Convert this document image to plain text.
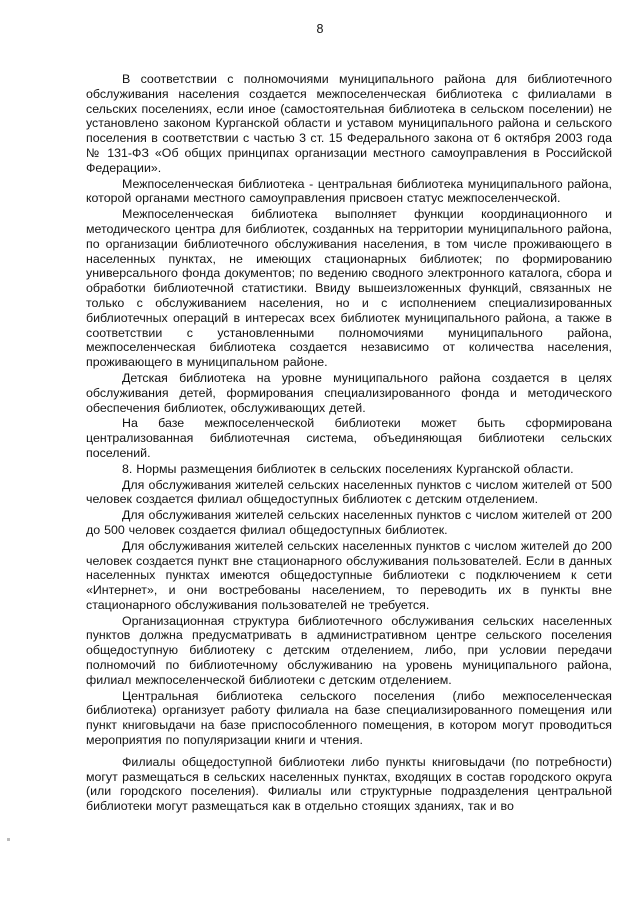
8

В соответствии с полномочиями муниципального района для библиотечного обслуживания населения создается межпоселенческая библиотека с филиалами в сельских поселениях, если иное (самостоятельная библиотека в сельском поселении) не установлено законом Курганской области и уставом муниципального района и сельского поселения в соответствии с частью 3 ст. 15 Федерального закона от 6 октября 2003 года № 131-ФЗ «Об общих принципах организации местного самоуправления в Российской Федерации».

Межпоселенческая библиотека - центральная библиотека муниципального района, которой органами местного самоуправления присвоен статус межпоселенческой.

Межпоселенческая библиотека выполняет функции координационного и методического центра для библиотек, созданных на территории муниципального района, по организации библиотечного обслуживания населения, в том числе проживающего в населенных пунктах, не имеющих стационарных библиотек; по формированию универсального фонда документов; по ведению сводного электронного каталога, сбора и обработки библиотечной статистики. Ввиду вышеизложенных функций, связанных не только с обслуживанием населения, но и с исполнением специализированных библиотечных операций в интересах всех библиотек муниципального района, а также в соответствии с установленными полномочиями муниципального района, межпоселенческая библиотека создается независимо от количества населения, проживающего в муниципальном районе.

Детская библиотека на уровне муниципального района создается в целях обслуживания детей, формирования специализированного фонда и методического обеспечения библиотек, обслуживающих детей.

На базе межпоселенческой библиотеки может быть сформирована централизованная библиотечная система, объединяющая библиотеки сельских поселений.

8. Нормы размещения библиотек в сельских поселениях Курганской области.

Для обслуживания жителей сельских населенных пунктов с числом жителей от 500 человек создается филиал общедоступных библиотек с детским отделением.

Для обслуживания жителей сельских населенных пунктов с числом жителей от 200 до 500 человек создается филиал общедоступных библиотек.

Для обслуживания жителей сельских населенных пунктов с числом жителей до 200 человек создается пункт вне стационарного обслуживания пользователей. Если в данных населенных пунктах имеются общедоступные библиотеки с подключением к сети «Интернет», и они востребованы населением, то переводить их в пункты вне стационарного обслуживания пользователей не требуется.

Организационная структура библиотечного обслуживания сельских населенных пунктов должна предусматривать в административном центре сельского поселения общедоступную библиотеку с детским отделением, либо, при условии передачи полномочий по библиотечному обслуживанию на уровень муниципального района, филиал межпоселенческой библиотеки с детским отделением.

Центральная библиотека сельского поселения (либо межпоселенческая библиотека) организует работу филиала на базе специализированного помещения или пункт книговыдачи на базе приспособленного помещения, в котором могут проводиться мероприятия по популяризации книги и чтения.

Филиалы общедоступной библиотеки либо пункты книговыдачи (по потребности) могут размещаться в сельских населенных пунктах, входящих в состав городского округа (или городского поселения). Филиалы или структурные подразделения центральной библиотеки могут размещаться как в отдельно стоящих зданиях, так и во
